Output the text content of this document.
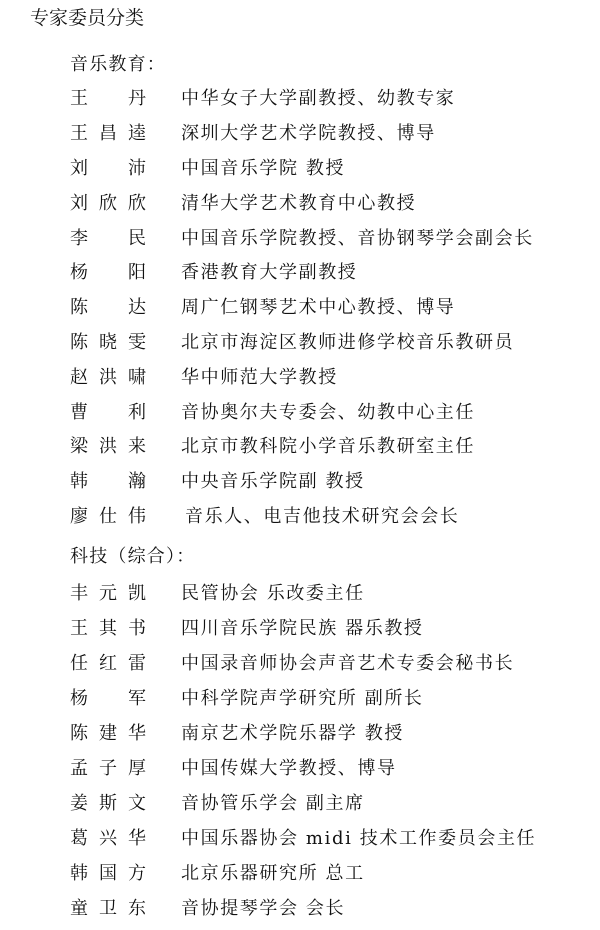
专家委员分类
音乐教育：
王　丹	中华女子大学副教授、幼教专家
王昌逵	深圳大学艺术学院教授、博导
刘　沛	中国音乐学院 教授
刘欣欣	清华大学艺术教育中心教授
李　民	中国音乐学院教授、音协钢琴学会副会长
杨　阳	香港教育大学副教授
陈　达	周广仁钢琴艺术中心教授、博导
陈晓雯	北京市海淀区教师进修学校音乐教研员
赵洪啸	华中师范大学教授
曹　利	音协奥尔夫专委会、幼教中心主任
梁洪来	北京市教科院小学音乐教研室主任
韩　瀚	中央音乐学院副 教授
廖仕伟	音乐人、电吉他技术研究会会长
科技（综合）：
丰元凯	民管协会 乐改委主任
王其书	四川音乐学院民族 器乐教授
任红雷	中国录音师协会声音艺术专委会秘书长
杨　军	中科学院声学研究所 副所长
陈建华	南京艺术学院乐器学 教授
孟子厚	中国传媒大学教授、博导
姜斯文	音协管乐学会 副主席
葛兴华	中国乐器协会 midi 技术工作委员会主任
韩国方	北京乐器研究所 总工
童卫东	音协提琴学会 会长
